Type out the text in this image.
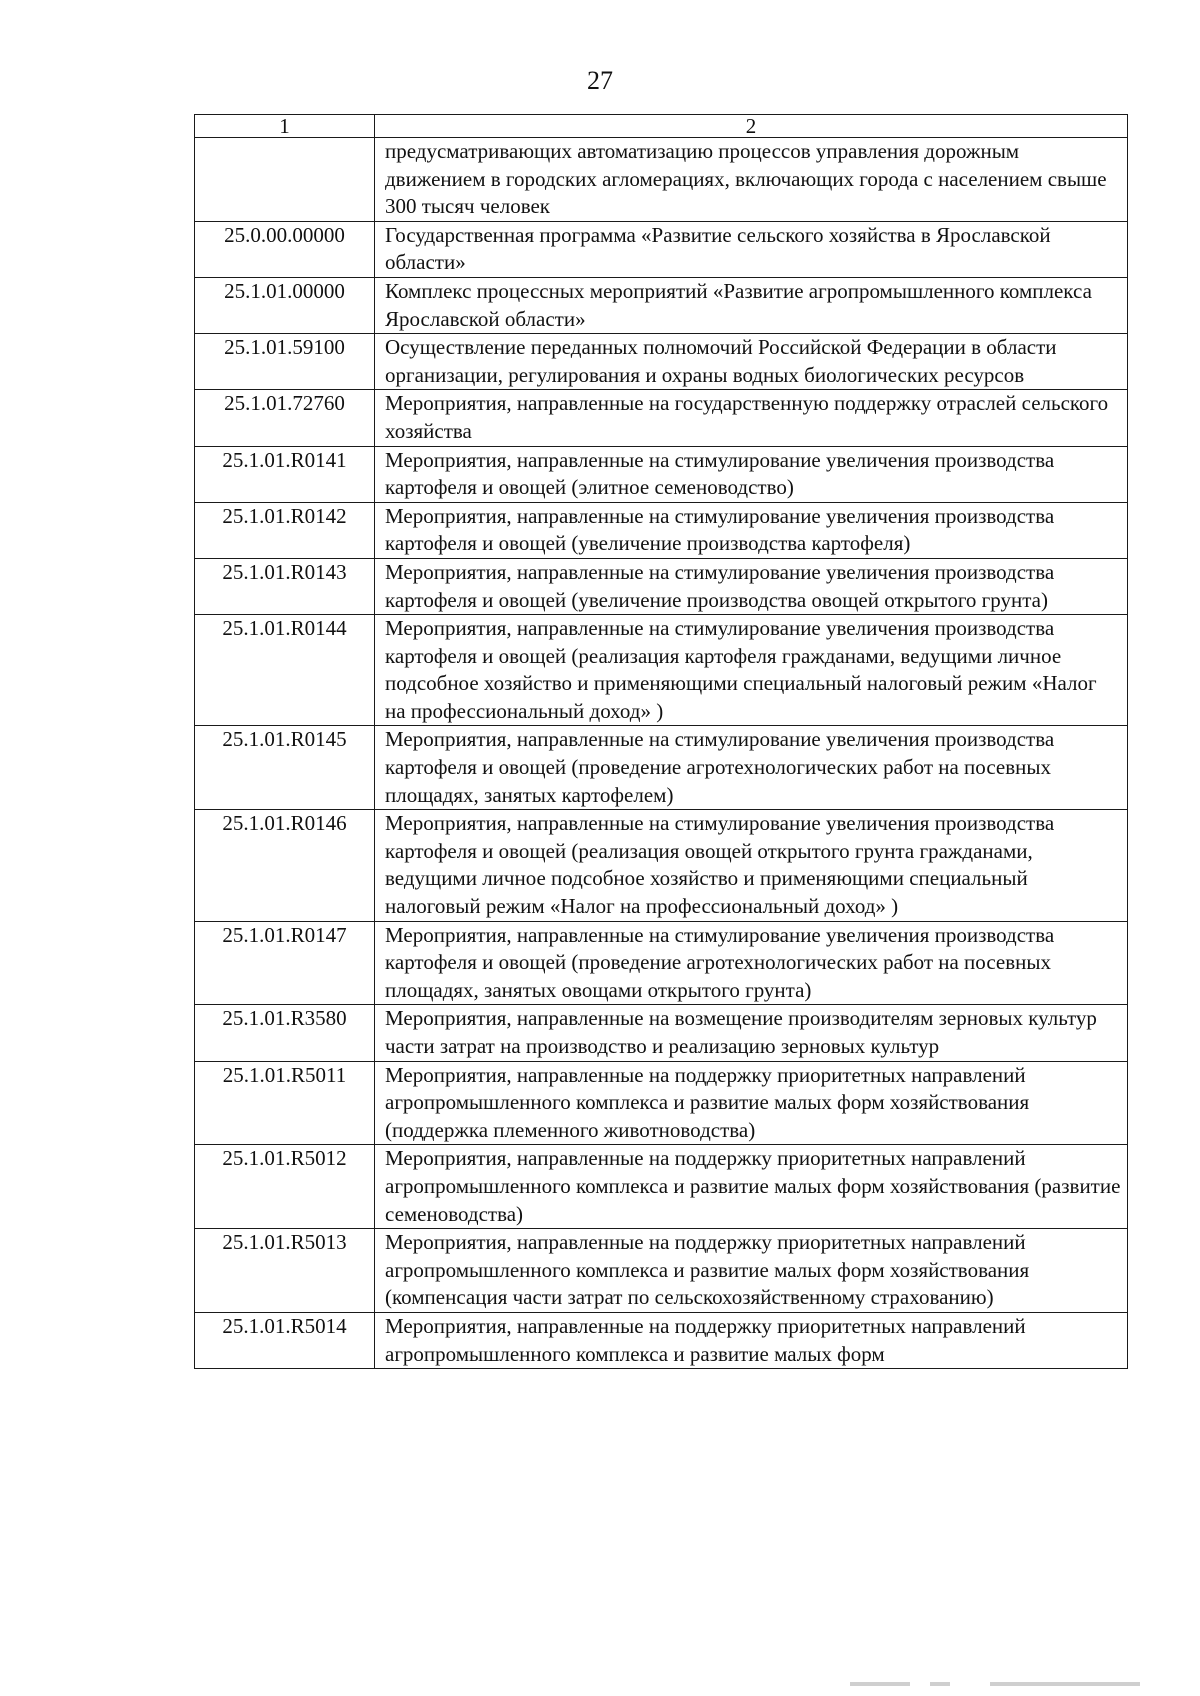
27
1	2
	предусматривающих автоматизацию процессов управления дорожным движением в городских агломерациях, включающих города с населением свыше 300 тысяч человек
25.0.00.00000	Государственная программа «Развитие сельского хозяйства в Ярославской области»
25.1.01.00000	Комплекс процессных мероприятий «Развитие агропромышленного комплекса Ярославской области»
25.1.01.59100	Осуществление переданных полномочий Российской Федерации в области организации, регулирования и охраны водных биологических ресурсов
25.1.01.72760	Мероприятия, направленные на государственную поддержку отраслей сельского хозяйства
25.1.01.R0141	Мероприятия, направленные на стимулирование увеличения производства картофеля и овощей (элитное семеноводство)
25.1.01.R0142	Мероприятия, направленные на стимулирование увеличения производства картофеля и овощей (увеличение производства картофеля)
25.1.01.R0143	Мероприятия, направленные на стимулирование увеличения производства картофеля и овощей (увеличение производства овощей открытого грунта)
25.1.01.R0144	Мероприятия, направленные на стимулирование увеличения производства картофеля и овощей (реализация картофеля гражданами, ведущими личное подсобное хозяйство и применяющими специальный налоговый режим «Налог на профессиональный доход» )
25.1.01.R0145	Мероприятия, направленные на стимулирование увеличения производства картофеля и овощей (проведение агротехнологических работ на посевных площадях, занятых картофелем)
25.1.01.R0146	Мероприятия, направленные на стимулирование увеличения производства картофеля и овощей (реализация овощей открытого грунта гражданами, ведущими личное подсобное хозяйство и применяющими специальный налоговый режим «Налог на профессиональный доход» )
25.1.01.R0147	Мероприятия, направленные на стимулирование увеличения производства картофеля и овощей (проведение агротехнологических работ на посевных площадях, занятых овощами открытого грунта)
25.1.01.R3580	Мероприятия, направленные на возмещение производителям зерновых культур части затрат на производство и реализацию зерновых культур
25.1.01.R5011	Мероприятия, направленные на поддержку приоритетных направлений агропромышленного комплекса и развитие малых форм хозяйствования (поддержка племенного животноводства)
25.1.01.R5012	Мероприятия, направленные на поддержку приоритетных направлений агропромышленного комплекса и развитие малых форм хозяйствования (развитие семеноводства)
25.1.01.R5013	Мероприятия, направленные на поддержку приоритетных направлений агропромышленного комплекса и развитие малых форм хозяйствования (компенсация части затрат по сельскохозяйственному страхованию)
25.1.01.R5014	Мероприятия, направленные на поддержку приоритетных направлений агропромышленного комплекса и развитие малых форм
